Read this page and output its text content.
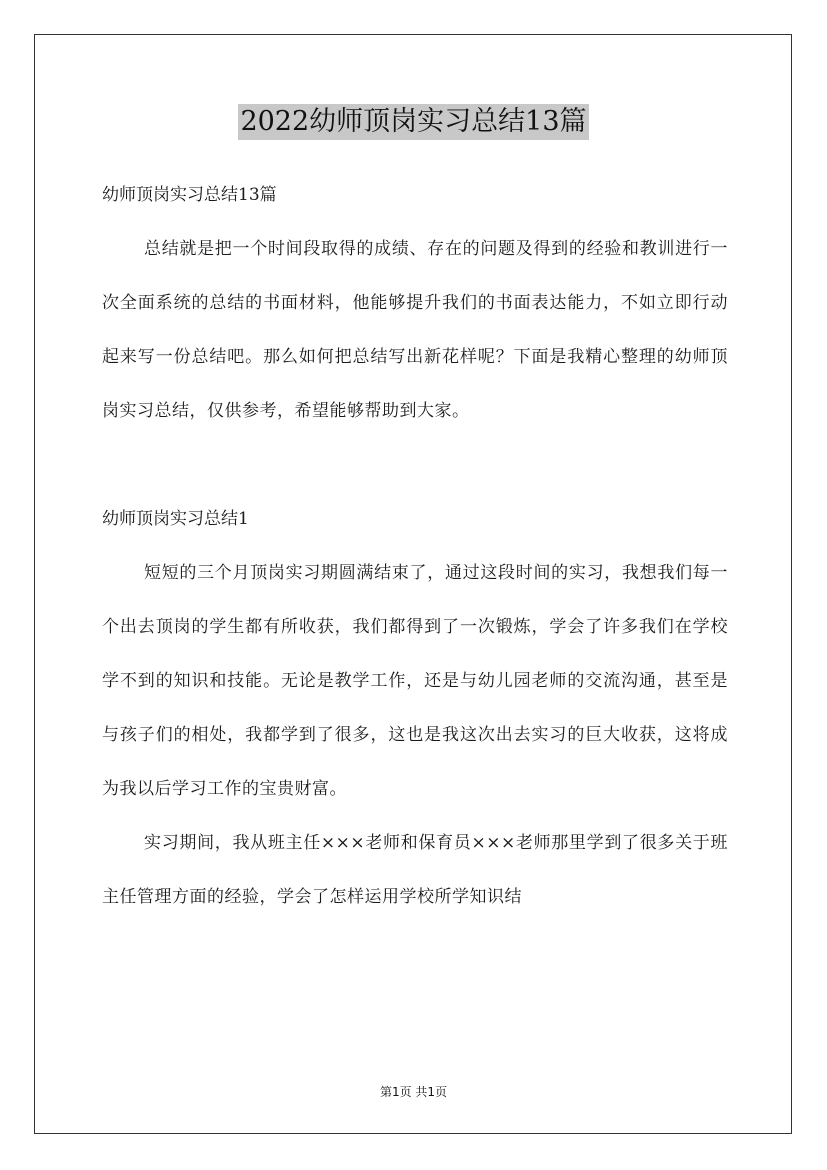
2022幼师顶岗实习总结13篇

幼师顶岗实习总结13篇

总结就是把一个时间段取得的成绩、存在的问题及得到的经验和教训进行一次全面系统的总结的书面材料，他能够提升我们的书面表达能力，不如立即行动起来写一份总结吧。那么如何把总结写出新花样呢？下面是我精心整理的幼师顶岗实习总结，仅供参考，希望能够帮助到大家。

幼师顶岗实习总结1

短短的三个月顶岗实习期圆满结束了，通过这段时间的实习，我想我们每一个出去顶岗的学生都有所收获，我们都得到了一次锻炼，学会了许多我们在学校学不到的知识和技能。无论是教学工作，还是与幼儿园老师的交流沟通，甚至是与孩子们的相处，我都学到了很多，这也是我这次出去实习的巨大收获，这将成为我以后学习工作的宝贵财富。

实习期间，我从班主任×××老师和保育员×××老师那里学到了很多关于班主任管理方面的经验，学会了怎样运用学校所学知识结

第1页 共1页
